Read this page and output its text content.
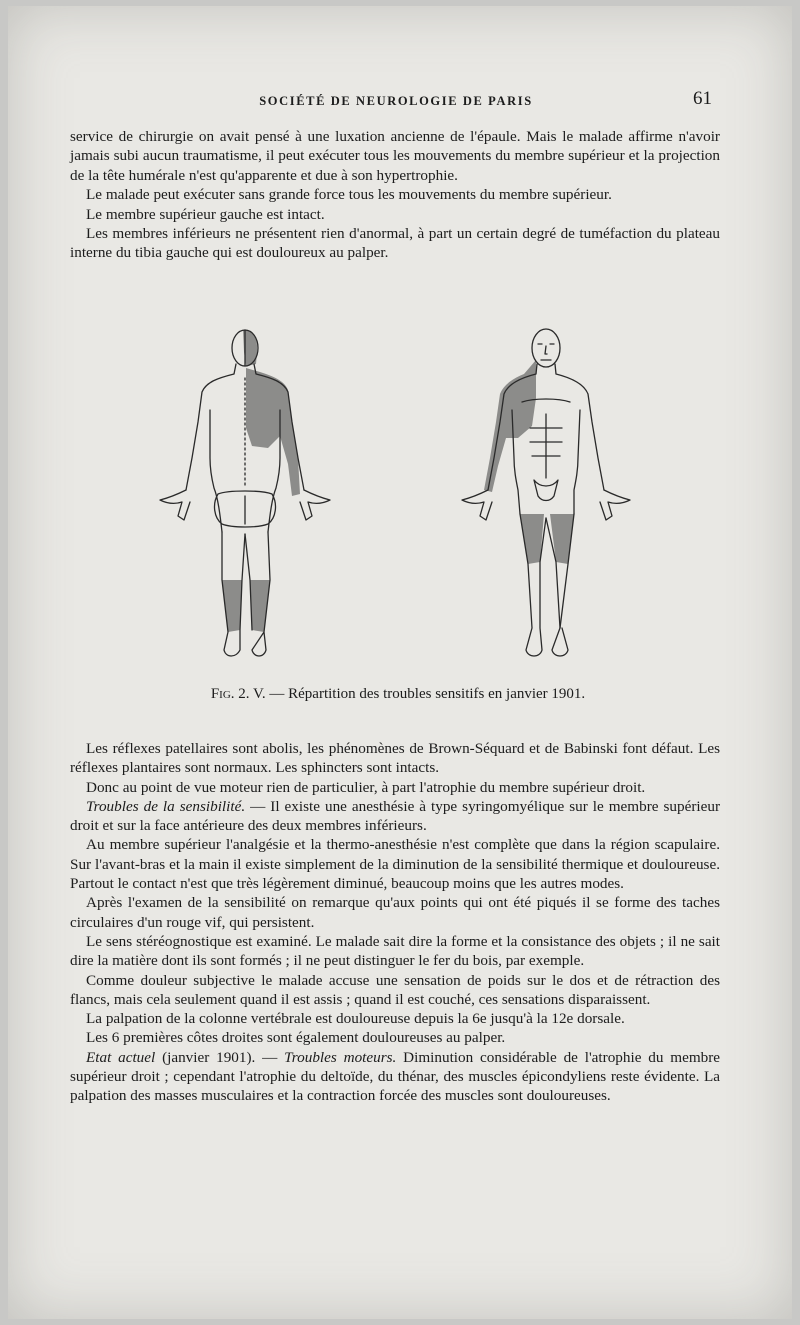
SOCIÉTÉ DE NEUROLOGIE DE PARIS	61

service de chirurgie on avait pensé à une luxation ancienne de l'épaule. Mais le malade affirme n'avoir jamais subi aucun traumatisme, il peut exécuter tous les mouvements du membre supérieur et la projection de la tête humérale n'est qu'apparente et due à son hypertrophie.

Le malade peut exécuter sans grande force tous les mouvements du membre supérieur.

Le membre supérieur gauche est intact.

Les membres inférieurs ne présentent rien d'anormal, à part un certain degré de tuméfaction du plateau interne du tibia gauche qui est douloureux au palper.

Fig. 2. V. — Répartition des troubles sensitifs en janvier 1901.

Les réflexes patellaires sont abolis, les phénomènes de Brown-Séquard et de Babinski font défaut. Les réflexes plantaires sont normaux. Les sphincters sont intacts.

Donc au point de vue moteur rien de particulier, à part l'atrophie du membre supérieur droit.

Troubles de la sensibilité. — Il existe une anesthésie à type syringomyélique sur le membre supérieur droit et sur la face antérieure des deux membres inférieurs.

Au membre supérieur l'analgésie et la thermo-anesthésie n'est complète que dans la région scapulaire. Sur l'avant-bras et la main il existe simplement de la diminution de la sensibilité thermique et douloureuse. Partout le contact n'est que très légèrement diminué, beaucoup moins que les autres modes.

Après l'examen de la sensibilité on remarque qu'aux points qui ont été piqués il se forme des taches circulaires d'un rouge vif, qui persistent.

Le sens stéréognostique est examiné. Le malade sait dire la forme et la consistance des objets ; il ne sait dire la matière dont ils sont formés ; il ne peut distinguer le fer du bois, par exemple.

Comme douleur subjective le malade accuse une sensation de poids sur le dos et de rétraction des flancs, mais cela seulement quand il est assis ; quand il est couché, ces sensations disparaissent.

La palpation de la colonne vertébrale est douloureuse depuis la 6e jusqu'à la 12e dorsale.

Les 6 premières côtes droites sont également douloureuses au palper.

Etat actuel (janvier 1901). — Troubles moteurs. Diminution considérable de l'atrophie du membre supérieur droit ; cependant l'atrophie du deltoïde, du thénar, des muscles épicondyliens reste évidente. La palpation des masses musculaires et la contraction forcée des muscles sont douloureuses.
